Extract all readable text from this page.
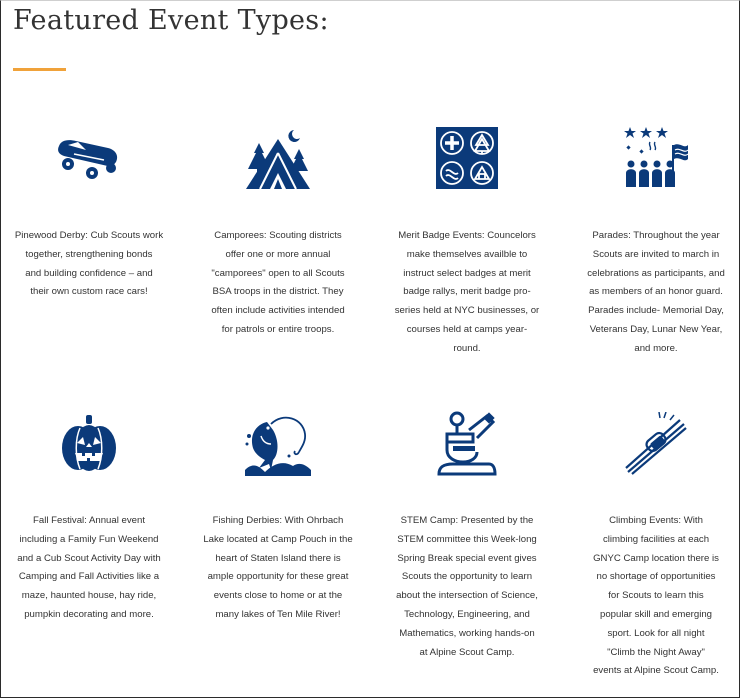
Featured Event Types:

Pinewood Derby: Cub Scouts work
together, strengthening bonds
and building confidence – and
their own custom race cars!

Camporees: Scouting districts
offer one or more annual
"camporees" open to all Scouts
BSA troops in the district. They
often include activities intended
for patrols or entire troops.

Merit Badge Events: Councelors
make themselves availble to
instruct select badges at merit
badge rallys, merit badge pro-
series held at NYC businesses, or
courses held at camps year-
round.

Parades: Throughout the year
Scouts are invited to march in
celebrations as participants, and
as members of an honor guard.
Parades include- Memorial Day,
Veterans Day, Lunar New Year,
and more.

Fall Festival: Annual event
including a Family Fun Weekend
and a Cub Scout Activity Day with
Camping and Fall Activities like a
maze, haunted house, hay ride,
pumpkin decorating and more.

Fishing Derbies: With Ohrbach
Lake located at Camp Pouch in the
heart of Staten Island there is
ample opportunity for these great
events close to home or at the
many lakes of Ten Mile River!

STEM Camp: Presented by the
STEM committee this Week-long
Spring Break special event gives
Scouts the opportunity to learn
about the intersection of Science,
Technology, Engineering, and
Mathematics, working hands-on
at Alpine Scout Camp.

Climbing Events: With
climbing facilities at each
GNYC Camp location there is
no shortage of opportunities
for Scouts to learn this
popular skill and emerging
sport. Look for all night
"Climb the Night Away"
events at Alpine Scout Camp.
